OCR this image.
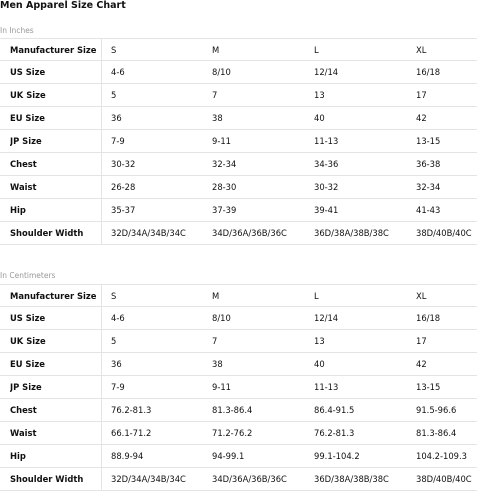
Men Apparel Size Chart
In Inches
Manufacturer Size	S	M	L	XL
US Size	4-6	8/10	12/14	16/18
UK Size	5	7	13	17
EU Size	36	38	40	42
JP Size	7-9	9-11	11-13	13-15
Chest	30-32	32-34	34-36	36-38
Waist	26-28	28-30	30-32	32-34
Hip	35-37	37-39	39-41	41-43
Shoulder Width	32D/34A/34B/34C	34D/36A/36B/36C	36D/38A/38B/38C	38D/40B/40C
In Centimeters
Manufacturer Size	S	M	L	XL
US Size	4-6	8/10	12/14	16/18
UK Size	5	7	13	17
EU Size	36	38	40	42
JP Size	7-9	9-11	11-13	13-15
Chest	76.2-81.3	81.3-86.4	86.4-91.5	91.5-96.6
Waist	66.1-71.2	71.2-76.2	76.2-81.3	81.3-86.4
Hip	88.9-94	94-99.1	99.1-104.2	104.2-109.3
Shoulder Width	32D/34A/34B/34C	34D/36A/36B/36C	36D/38A/38B/38C	38D/40B/40C
